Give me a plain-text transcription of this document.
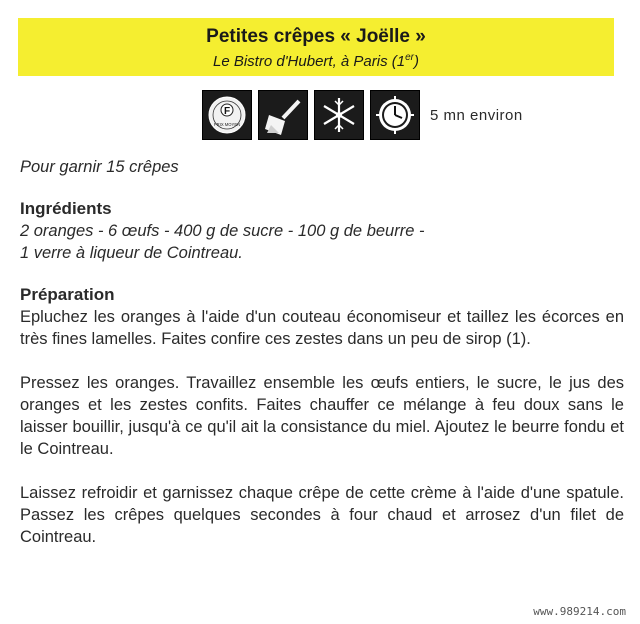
Petites crêpes « Joëlle »
Le Bistro d'Hubert, à Paris (1er)
F
PRIX MOYEN
5 mn environ
Pour garnir 15 crêpes
Ingrédients
2 oranges - 6 œufs - 400 g de sucre - 100 g de beurre -
1 verre à liqueur de Cointreau.
Préparation
Epluchez les oranges à l'aide d'un couteau économiseur et taillez les écorces en très fines lamelles. Faites confire ces zestes dans un peu de sirop (1).
Pressez les oranges. Travaillez ensemble les œufs entiers, le sucre, le jus des oranges et les zestes confits. Faites chauffer ce mélange à feu doux sans le laisser bouillir, jusqu'à ce qu'il ait la consistance du miel. Ajoutez le beurre fondu et le Cointreau.
Laissez refroidir et garnissez chaque crêpe de cette crème à l'aide d'une spatule. Passez les crêpes quelques secondes à four chaud et arrosez d'un filet de Cointreau.
www.989214.com
